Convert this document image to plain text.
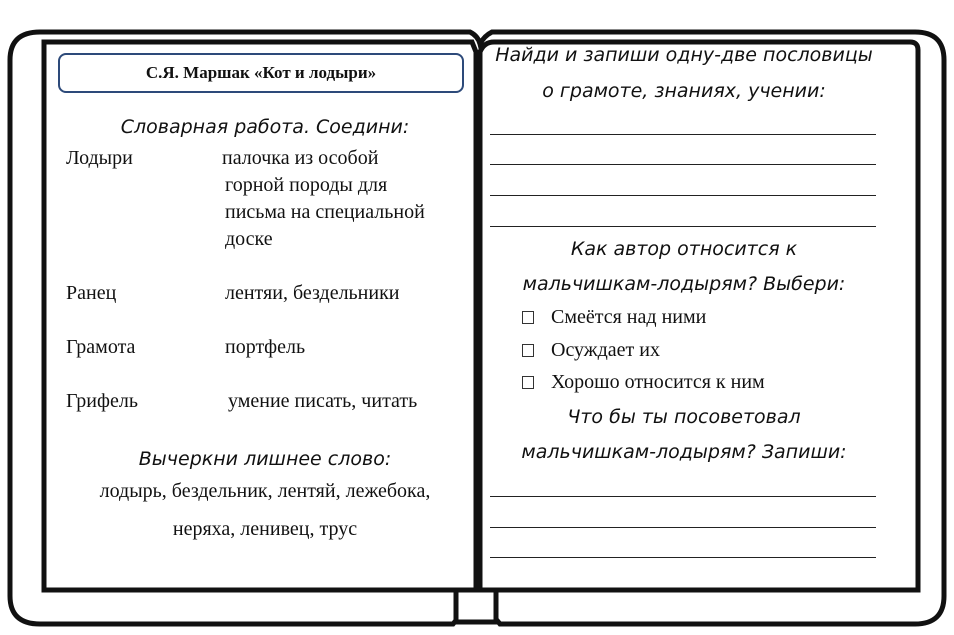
С.Я. Маршак «Кот и лодыри»
Словарная работа. Соедини:
Лодыри	палочка из особой
горной породы для
письма на специальной
доске
Ранец	лентяи, бездельники
Грамота	портфель
Грифель	умение писать, читать
Вычеркни лишнее слово:
лодырь, бездельник, лентяй, лежебока,
неряха, ленивец, трус
Найди и запиши одну-две пословицы
о грамоте, знаниях, учении:
Как автор относится к
мальчишкам-лодырям? Выбери:
Смеётся над ними
Осуждает их
Хорошо относится к ним
Что бы ты посоветовал
мальчишкам-лодырям? Запиши:
